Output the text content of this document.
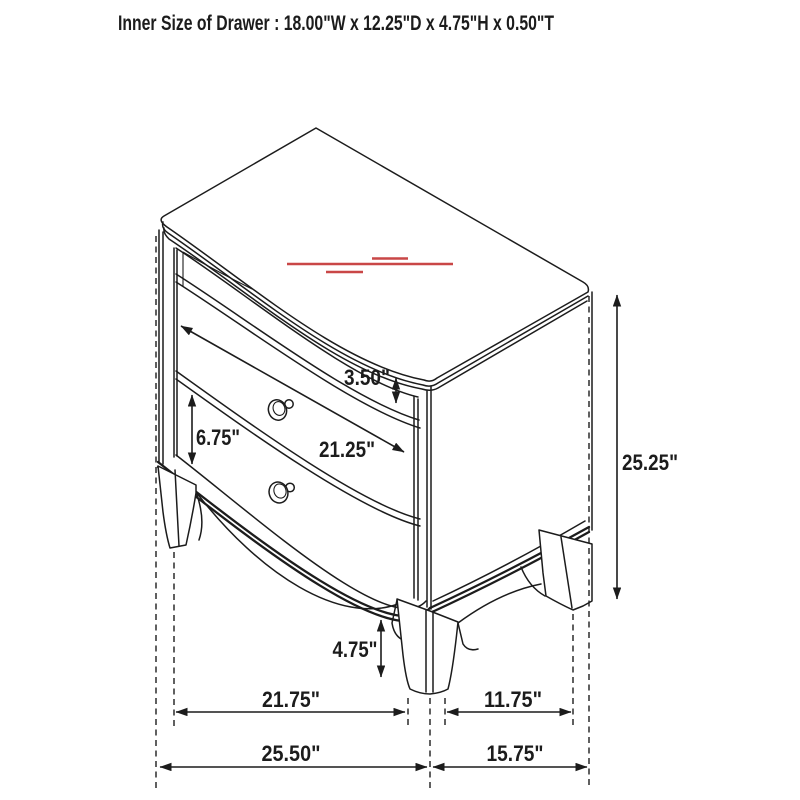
Inner Size of Drawer : 18.00"W x 12.25"D x 4.75"H x 0.50"T
3.50"
6.75"	21.25"
25.25"
4.75"
21.75"	11.75"
25.50"	15.75"
